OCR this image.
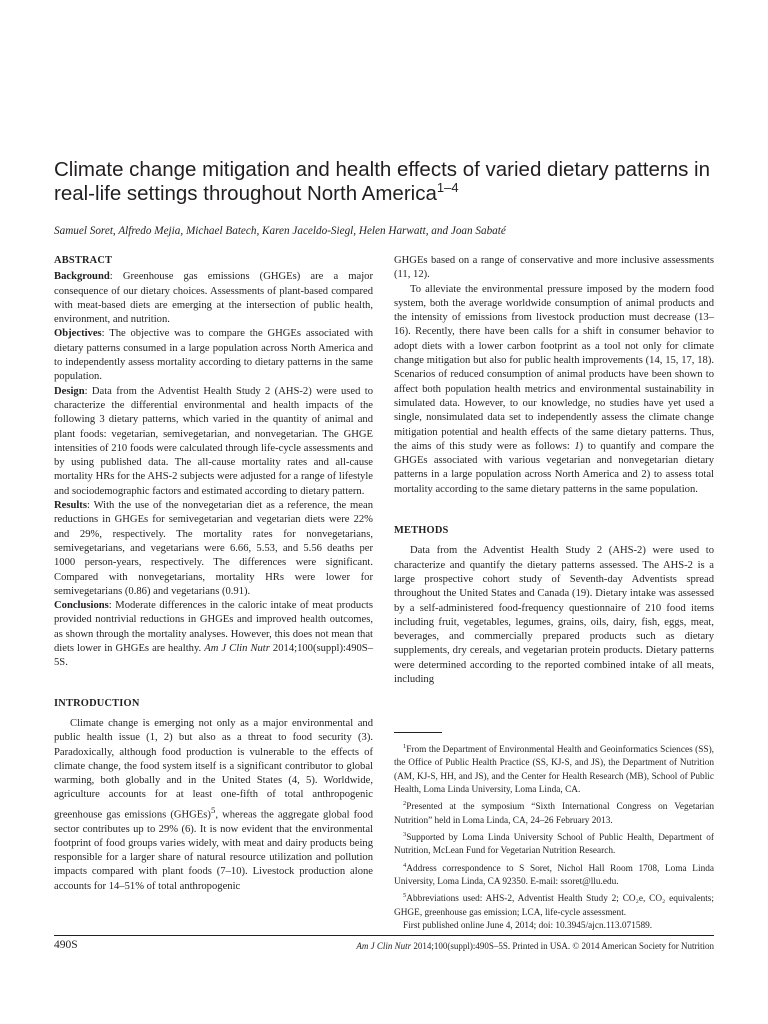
Climate change mitigation and health effects of varied dietary patterns in real-life settings throughout North America$^{1-4}$

Samuel Soret, Alfredo Mejia, Michael Batech, Karen Jaceldo-Siegl, Helen Harwatt, and Joan Sabaté

ABSTRACT

Background: Greenhouse gas emissions (GHGEs) are a major consequence of our dietary choices. Assessments of plant-based compared with meat-based diets are emerging at the intersection of public health, environment, and nutrition.

Objectives: The objective was to compare the GHGEs associated with dietary patterns consumed in a large population across North America and to independently assess mortality according to dietary patterns in the same population.

Design: Data from the Adventist Health Study 2 (AHS-2) were used to characterize the differential environmental and health impacts of the following 3 dietary patterns, which varied in the quantity of animal and plant foods: vegetarian, semivegetarian, and nonvegetarian. The GHGE intensities of 210 foods were calculated through life-cycle assessments and by using published data. The all-cause mortality rates and all-cause mortality HRs for the AHS-2 subjects were adjusted for a range of lifestyle and sociodemographic factors and estimated according to dietary pattern.

Results: With the use of the nonvegetarian diet as a reference, the mean reductions in GHGEs for semivegetarian and vegetarian diets were 22% and 29%, respectively. The mortality rates for nonvegetarians, semivegetarians, and vegetarians were 6.66, 5.53, and 5.56 deaths per 1000 person-years, respectively. The differences were significant. Compared with nonvegetarians, mortality HRs were lower for semivegetarians (0.86) and vegetarians (0.91).

Conclusions: Moderate differences in the caloric intake of meat products provided nontrivial reductions in GHGEs and improved health outcomes, as shown through the mortality analyses. However, this does not mean that diets lower in GHGEs are healthy. Am J Clin Nutr 2014;100(suppl):490S–5S.

INTRODUCTION

Climate change is emerging not only as a major environmental and public health issue (1, 2) but also as a threat to food security (3). Paradoxically, although food production is vulnerable to the effects of climate change, the food system itself is a significant contributor to global warming, both globally and in the United States (4, 5). Worldwide, agriculture accounts for at least one-fifth of total anthropogenic greenhouse gas emissions (GHGEs)$^5$, whereas the aggregate global food sector contributes up to 29% (6). It is now evident that the environmental footprint of food groups varies widely, with meat and dairy products being responsible for a larger share of natural resource utilization and pollution impacts compared with plant foods (7–10). Livestock production alone accounts for 14–51% of total anthropogenic

GHGEs based on a range of conservative and more inclusive assessments (11, 12).

To alleviate the environmental pressure imposed by the modern food system, both the average worldwide consumption of animal products and the intensity of emissions from livestock production must decrease (13–16). Recently, there have been calls for a shift in consumer behavior to adopt diets with a lower carbon footprint as a tool not only for climate change mitigation but also for public health improvements (14, 15, 17, 18). Scenarios of reduced consumption of animal products have been shown to affect both population health metrics and environmental sustainability in simulated data. However, to our knowledge, no studies have yet used a single, nonsimulated data set to independently assess the climate change mitigation potential and health effects of the same dietary patterns. Thus, the aims of this study were as follows: 1) to quantify and compare the GHGEs associated with various vegetarian and nonvegetarian dietary patterns in a large population across North America and 2) to assess total mortality according to the same dietary patterns in the same population.

METHODS

Data from the Adventist Health Study 2 (AHS-2) were used to characterize and quantify the dietary patterns assessed. The AHS-2 is a large prospective cohort study of Seventh-day Adventists spread throughout the United States and Canada (19). Dietary intake was assessed by a self-administered food-frequency questionnaire of 210 food items including fruit, vegetables, legumes, grains, oils, dairy, fish, eggs, meat, beverages, and commercially prepared products such as dietary supplements, dry cereals, and vegetarian protein products. Dietary patterns were determined according to the reported combined intake of all meats, including

$^1$From the Department of Environmental Health and Geoinformatics Sciences (SS), the Office of Public Health Practice (SS, KJ-S, and JS), the Department of Nutrition (AM, KJ-S, HH, and JS), and the Center for Health Research (MB), School of Public Health, Loma Linda University, Loma Linda, CA.

$^2$Presented at the symposium “Sixth International Congress on Vegetarian Nutrition” held in Loma Linda, CA, 24–26 February 2013.

$^3$Supported by Loma Linda University School of Public Health, Department of Nutrition, McLean Fund for Vegetarian Nutrition Research.

$^4$Address correspondence to S Soret, Nichol Hall Room 1708, Loma Linda University, Loma Linda, CA 92350. E-mail: ssoret@llu.edu.

$^5$Abbreviations used: AHS-2, Adventist Health Study 2; CO₂e, CO₂ equivalents; GHGE, greenhouse gas emission; LCA, life-cycle assessment.

First published online June 4, 2014; doi: 10.3945/ajcn.113.071589.

490S	Am J Clin Nutr 2014;100(suppl):490S–5S. Printed in USA. © 2014 American Society for Nutrition
